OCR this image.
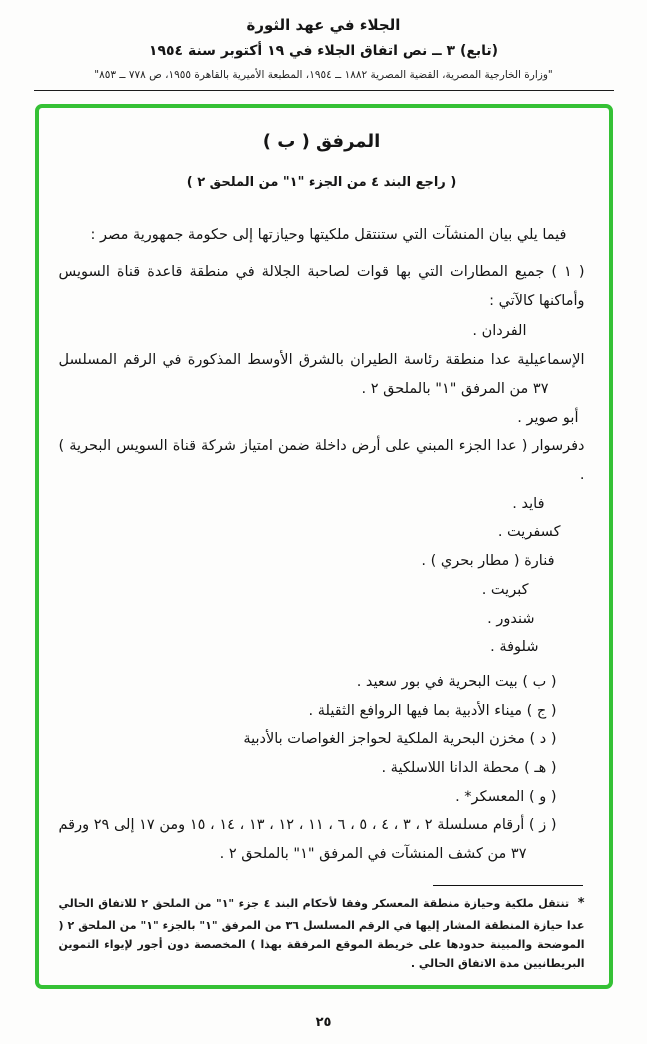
الجلاء في عهد الثورة
(تابع) ٣ ــ نص اتفاق الجلاء في ١٩ أكتوبر سنة ١٩٥٤
"وزارة الخارجية المصرية، القضية المصرية ١٨٨٢ ــ ١٩٥٤، المطبعة الأميرية بالقاهرة ١٩٥٥، ص ٧٧٨ ــ ٨٥٣"
المرفق ( ب )
( راجع البند ٤ من الجزء "١" من الملحق ٢ )

فيما يلي بيان المنشآت التي ستنتقل ملكيتها وحيازتها إلى حكومة جمهورية مصر :

( ١ ) جميع المطارات التي بها قوات لصاحبة الجلالة في منطقة قاعدة قناة السويس وأماكنها كالآتي :

الفردان .
الإسماعيلية عدا منطقة رئاسة الطيران بالشرق الأوسط المذكورة في الرقم المسلسل ٣٧ من المرفق "١" بالملحق ٢ .
أبو صوير .
دفرسوار ( عدا الجزء المبني على أرض داخلة ضمن امتياز شركة قناة السويس البحرية ) .
فايد .
كسفريت .
فنارة ( مطار بحري ) .
كبريت .
شندور .
شلوفة .

( ب ) بيت البحرية في بور سعيد .

( ج ) ميناء الأدبية بما فيها الروافع الثقيلة .

( د ) مخزن البحرية الملكية لحواجز الغواصات بالأدبية

( هـ ) محطة الدانا اللاسلكية .

( و ) المعسكر* .

( ز ) أرقام مسلسلة ٢ ، ٣ ، ٤ ، ٥ ، ٦ ، ١١ ، ١٢ ، ١٣ ، ١٤ ، ١٥ ومن ١٧ إلى ٢٩ ورقم ٣٧ من كشف المنشآت في المرفق "١" بالملحق ٢ .

* تنتقل ملكية وحيازة منطقة المعسكر وفقا لأحكام البند ٤ جزء "١" من الملحق ٢ للاتفاق الحالي عدا حيازة المنطقة المشار إليها في الرقم المسلسل ٣٦ من المرفق "١" بالجزء "١" من الملحق ٢ ( الموضحة والمبينة حدودها على خريطة الموقع المرفقة بهذا ) المخصصة دون أجور لإيواء التموين البريطانيين مدة الاتفاق الحالي .

٢٥
